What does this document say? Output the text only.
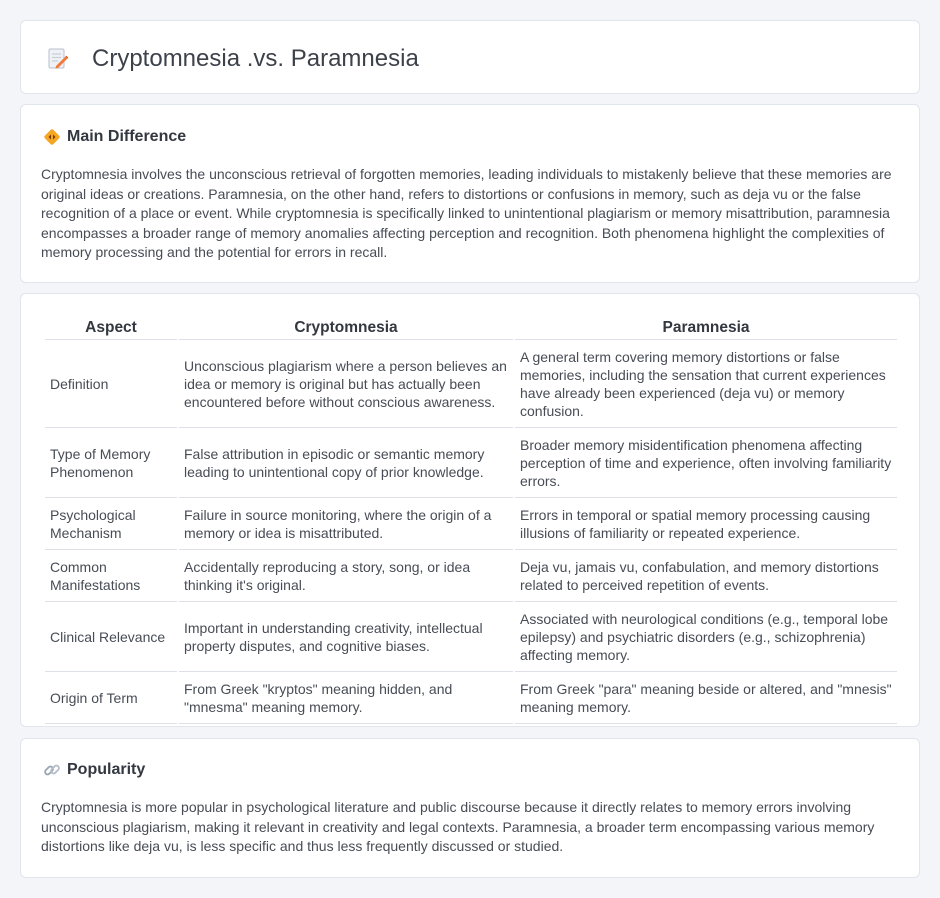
Cryptomnesia .vs. Paramnesia
Main Difference

Cryptomnesia involves the unconscious retrieval of forgotten memories, leading individuals to mistakenly believe that these memories are original ideas or creations. Paramnesia, on the other hand, refers to distortions or confusions in memory, such as deja vu or the false recognition of a place or event. While cryptomnesia is specifically linked to unintentional plagiarism or memory misattribution, paramnesia encompasses a broader range of memory anomalies affecting perception and recognition. Both phenomena highlight the complexities of memory processing and the potential for errors in recall.

Aspect	Cryptomnesia	Paramnesia
Definition	Unconscious plagiarism where a person believes an idea or memory is original but has actually been encountered before without conscious awareness.	A general term covering memory distortions or false memories, including the sensation that current experiences have already been experienced (deja vu) or memory confusion.
Type of Memory Phenomenon	False attribution in episodic or semantic memory leading to unintentional copy of prior knowledge.	Broader memory misidentification phenomena affecting perception of time and experience, often involving familiarity errors.
Psychological Mechanism	Failure in source monitoring, where the origin of a memory or idea is misattributed.	Errors in temporal or spatial memory processing causing illusions of familiarity or repeated experience.
Common Manifestations	Accidentally reproducing a story, song, or idea thinking it's original.	Deja vu, jamais vu, confabulation, and memory distortions related to perceived repetition of events.
Clinical Relevance	Important in understanding creativity, intellectual property disputes, and cognitive biases.	Associated with neurological conditions (e.g., temporal lobe epilepsy) and psychiatric disorders (e.g., schizophrenia) affecting memory.
Origin of Term	From Greek "kryptos" meaning hidden, and "mnesma" meaning memory.	From Greek "para" meaning beside or altered, and "mnesis" meaning memory.
Popularity

Cryptomnesia is more popular in psychological literature and public discourse because it directly relates to memory errors involving unconscious plagiarism, making it relevant in creativity and legal contexts. Paramnesia, a broader term encompassing various memory distortions like deja vu, is less specific and thus less frequently discussed or studied.
